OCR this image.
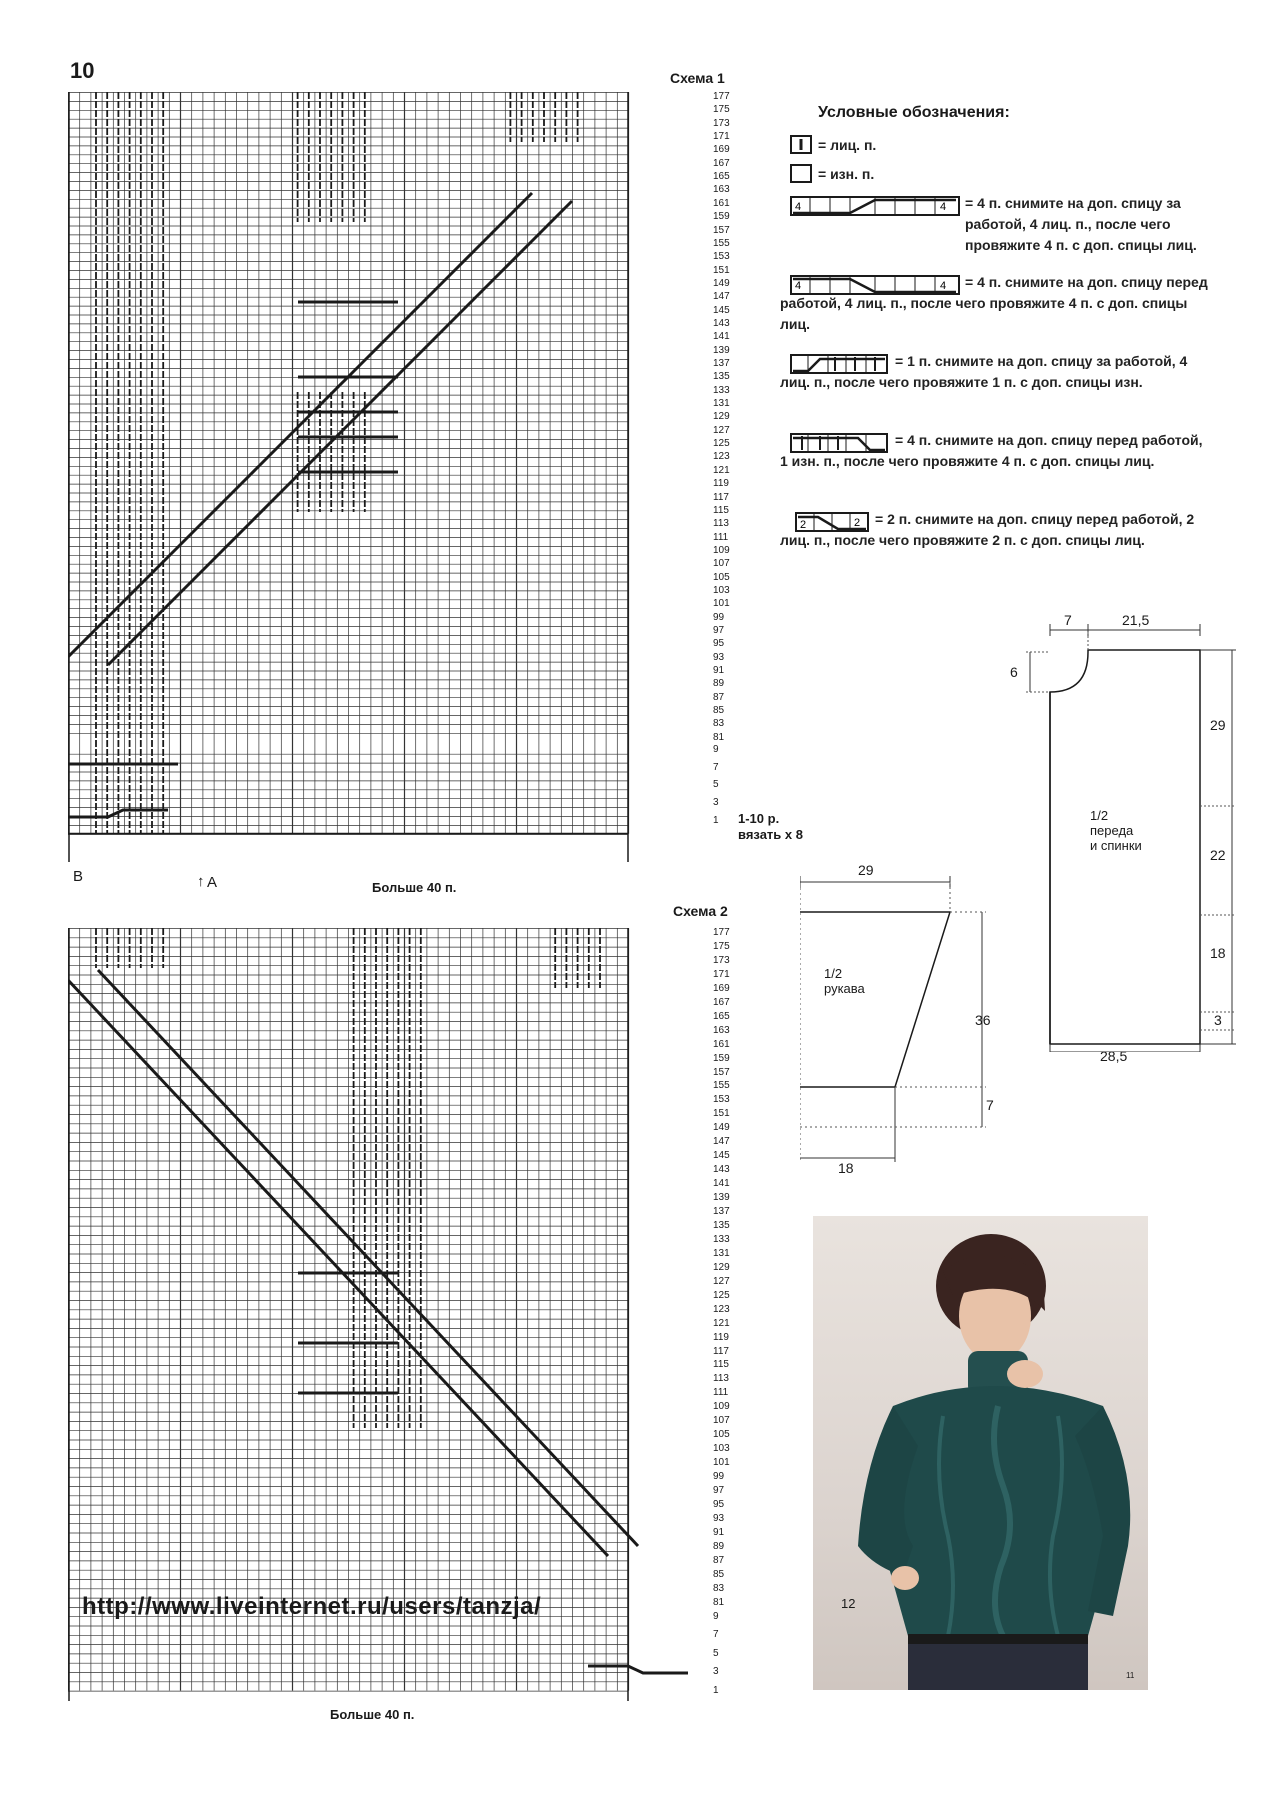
10	Схема 1
177
175
173
171
169
167
165
163
161
159
157
155
153
151
149
147
145
143
141
139
137
135
133
131
129
127
125
123
121
119
117
115
113
111
109
107
105
103
101
99
97
95
93
91
89
87
85
83
81
9
7
5
3
1
В	↑ А	Больше 40 п.
1-10 р.
вязать х 8
Схема 2
177
175
173
171
169
167
165
163
161
159
157
155
153
151
149
147
145
143
141
139
137
135
133
131
129
127
125
123
121
119
117
115
113
111
109
107
105
103
101
99
97
95
93
91
89
87
85
83
81
9
7
5
3
1
Больше 40 п.
http://www.liveinternet.ru/users/tanzja/
Условные обозначения:
= лиц. п.
= изн. п.
4	4 = 4 п. снимите на доп. спицу за работой, 4 лиц. п., после чего провяжите 4 п. с доп. спицы лиц.
4	4	= 4 п. снимите на доп. спицу перед работой, 4 лиц. п., после чего провяжите 4 п. с доп. спицы лиц.
= 1 п. снимите на доп. спицу за работой, 4 лиц. п., после чего провяжите 1 п. с доп. спицы изн.
= 4 п. снимите на доп. спицу перед работой, 1 изн. п., после чего провяжите 4 п. с доп. спицы лиц.
2	2	= 2 п. снимите на доп. спицу перед работой, 2 лиц. п., после чего провяжите 2 п. с доп. спицы лиц.
7	21,5
6
29
22
18
3
1/2
переда
и спинки
28,5
29
36
7
18
1/2
рукава
12
11
